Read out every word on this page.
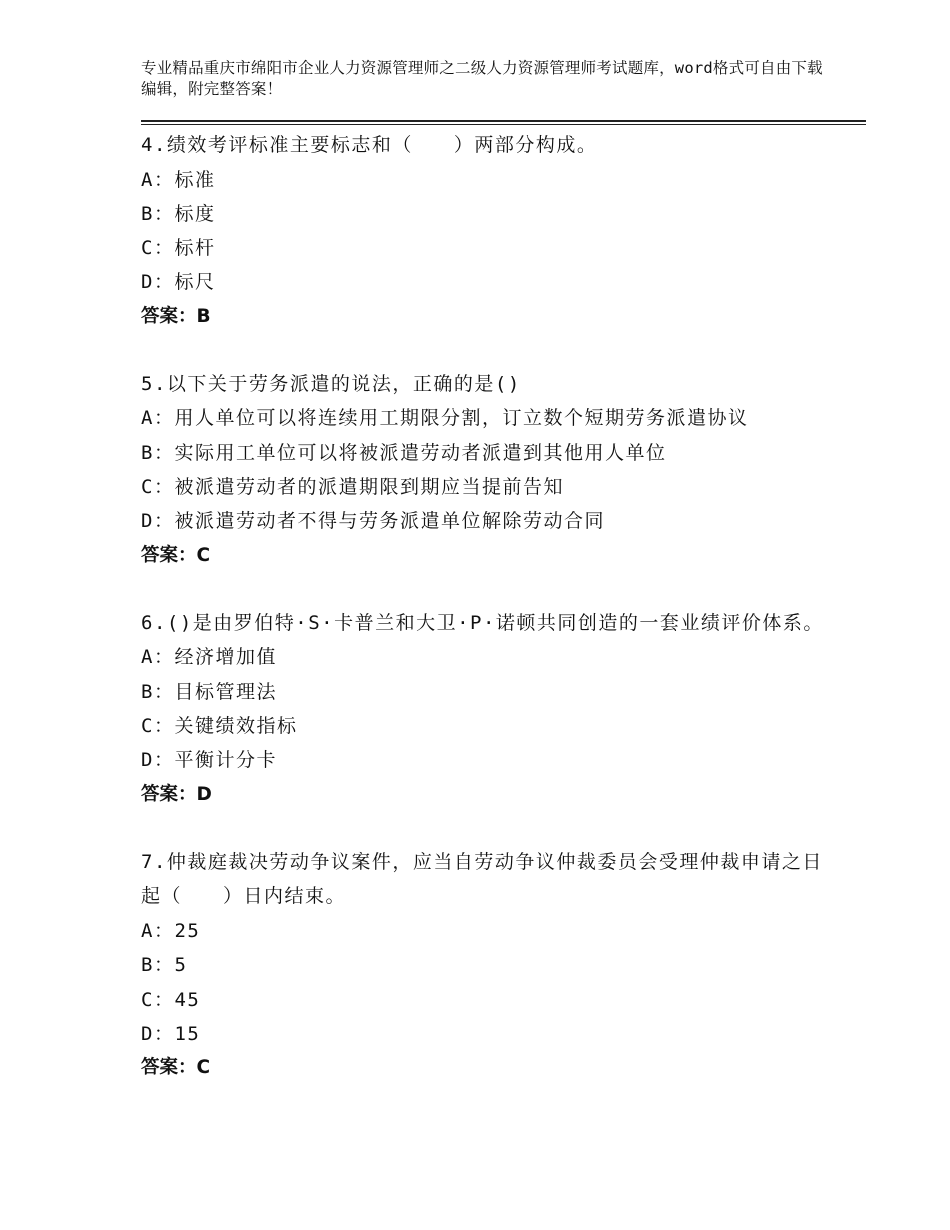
专业精品重庆市绵阳市企业人力资源管理师之二级人力资源管理师考试题库，word格式可自由下载编辑，附完整答案！
4.绩效考评标准主要标志和（　　）两部分构成。
A：标准
B：标度
C：标杆
D：标尺
答案：B
5.以下关于劳务派遣的说法，正确的是()
A：用人单位可以将连续用工期限分割，订立数个短期劳务派遣协议
B：实际用工单位可以将被派遣劳动者派遣到其他用人单位
C：被派遣劳动者的派遣期限到期应当提前告知
D：被派遣劳动者不得与劳务派遣单位解除劳动合同
答案：C
6.()是由罗伯特·S·卡普兰和大卫·P·诺顿共同创造的一套业绩评价体系。
A：经济增加值
B：目标管理法
C：关键绩效指标
D：平衡计分卡
答案：D
7.仲裁庭裁决劳动争议案件，应当自劳动争议仲裁委员会受理仲裁申请之日起（　　）日内结束。
A：25
B：5
C：45
D：15
答案：C
